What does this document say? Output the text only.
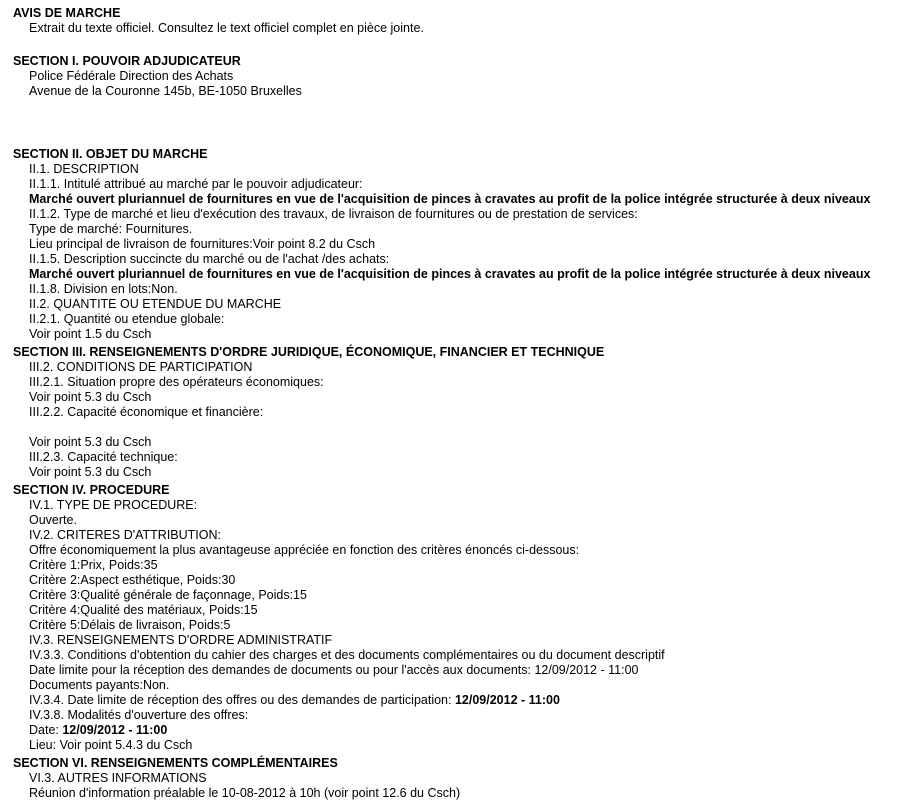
AVIS DE MARCHE
Extrait du texte officiel. Consultez le text officiel complet en pièce jointe.

SECTION I. POUVOIR ADJUDICATEUR
Police Fédérale Direction des Achats
Avenue de la Couronne 145b, BE-1050 Bruxelles

SECTION II. OBJET DU MARCHE
II.1. DESCRIPTION
II.1.1. Intitulé attribué au marché par le pouvoir adjudicateur:
Marché ouvert pluriannuel de fournitures en vue de l'acquisition de pinces à cravates au profit de la police intégrée structurée à deux niveaux
II.1.2. Type de marché et lieu d'exécution des travaux, de livraison de fournitures ou de prestation de services:
Type de marché: Fournitures.
Lieu principal de livraison de fournitures:Voir point 8.2 du Csch
II.1.5. Description succincte du marché ou de l'achat /des achats:
Marché ouvert pluriannuel de fournitures en vue de l'acquisition de pinces à cravates au profit de la police intégrée structurée à deux niveaux
II.1.8. Division en lots:Non.
II.2. QUANTITE OU ETENDUE DU MARCHE
II.2.1. Quantité ou etendue globale:
Voir point 1.5 du Csch
SECTION III. RENSEIGNEMENTS D'ORDRE JURIDIQUE, ÉCONOMIQUE, FINANCIER ET TECHNIQUE
III.2. CONDITIONS DE PARTICIPATION
III.2.1. Situation propre des opérateurs économiques:
Voir point 5.3 du Csch
III.2.2. Capacité économique et financière:

Voir point 5.3 du Csch
III.2.3. Capacité technique:
Voir point 5.3 du Csch
SECTION IV. PROCEDURE
IV.1. TYPE DE PROCEDURE:
Ouverte.
IV.2. CRITERES D'ATTRIBUTION:
Offre économiquement la plus avantageuse appréciée en fonction des critères énoncés ci-dessous:
Critère 1:Prix, Poids:35
Critère 2:Aspect esthétique, Poids:30
Critère 3:Qualité générale de façonnage, Poids:15
Critère 4:Qualité des matériaux, Poids:15
Critère 5:Délais de livraison, Poids:5
IV.3. RENSEIGNEMENTS D'ORDRE ADMINISTRATIF
IV.3.3. Conditions d'obtention du cahier des charges et des documents complémentaires ou du document descriptif
Date limite pour la réception des demandes de documents ou pour l'accès aux documents: 12/09/2012 - 11:00
Documents payants:Non.
IV.3.4. Date limite de réception des offres ou des demandes de participation: 12/09/2012 - 11:00
IV.3.8. Modalités d'ouverture des offres:
Date: 12/09/2012 - 11:00
Lieu: Voir point 5.4.3 du Csch
SECTION VI. RENSEIGNEMENTS COMPLÉMENTAIRES
VI.3. AUTRES INFORMATIONS
Réunion d'information préalable le 10-08-2012 à 10h (voir point 12.6 du Csch)
